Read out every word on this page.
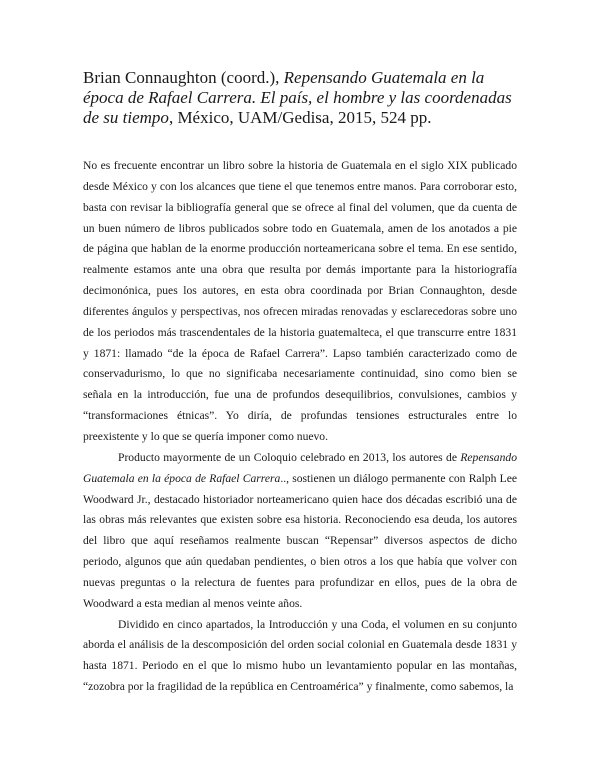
Brian Connaughton (coord.), Repensando Guatemala en la época de Rafael Carrera. El país, el hombre y las coordenadas de su tiempo, México, UAM/Gedisa, 2015, 524 pp.

No es frecuente encontrar un libro sobre la historia de Guatemala en el siglo XIX publicado desde México y con los alcances que tiene el que tenemos entre manos. Para corroborar esto, basta con revisar la bibliografía general que se ofrece al final del volumen, que da cuenta de un buen número de libros publicados sobre todo en Guatemala, amen de los anotados a pie de página que hablan de la enorme producción norteamericana sobre el tema. En ese sentido, realmente estamos ante una obra que resulta por demás importante para la historiografía decimonónica, pues los autores, en esta obra coordinada por Brian Connaughton, desde diferentes ángulos y perspectivas, nos ofrecen miradas renovadas y esclarecedoras sobre uno de los periodos más trascendentales de la historia guatemalteca, el que transcurre entre 1831 y 1871: llamado “de la época de Rafael Carrera”. Lapso también caracterizado como de conservadurismo, lo que no significaba necesariamente continuidad, sino como bien se señala en la introducción, fue una de profundos desequilibrios, convulsiones, cambios y “transformaciones étnicas”. Yo diría, de profundas tensiones estructurales entre lo preexistente y lo que se quería imponer como nuevo.

Producto mayormente de un Coloquio celebrado en 2013, los autores de Repensando Guatemala en la época de Rafael Carrera.., sostienen un diálogo permanente con Ralph Lee Woodward Jr., destacado historiador norteamericano quien hace dos décadas escribió una de las obras más relevantes que existen sobre esa historia. Reconociendo esa deuda, los autores del libro que aquí reseñamos realmente buscan “Repensar” diversos aspectos de dicho periodo, algunos que aún quedaban pendientes, o bien otros a los que había que volver con nuevas preguntas o la relectura de fuentes para profundizar en ellos, pues de la obra de Woodward a esta median al menos veinte años.

Dividido en cinco apartados, la Introducción y una Coda, el volumen en su conjunto aborda el análisis de la descomposición del orden social colonial en Guatemala desde 1831 y hasta 1871. Periodo en el que lo mismo hubo un levantamiento popular en las montañas, “zozobra por la fragilidad de la república en Centroamérica” y finalmente, como sabemos, la
